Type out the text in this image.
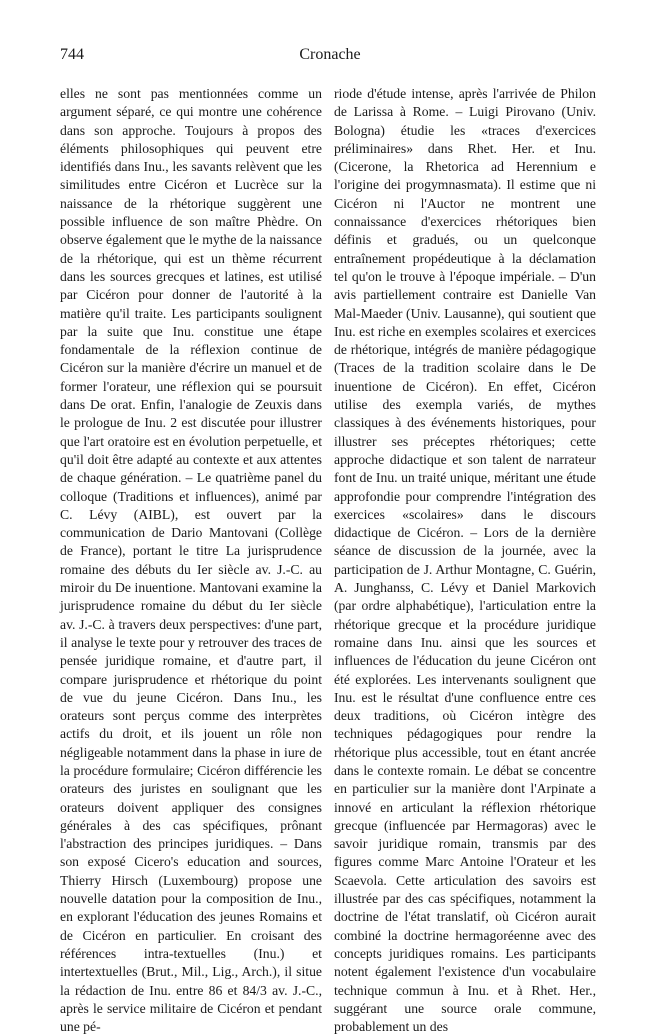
744	Cronache

elles ne sont pas mentionnées comme un argument séparé, ce qui montre une cohérence dans son approche. Toujours à propos des éléments philosophiques qui peuvent etre identifiés dans Inu., les savants relèvent que les similitudes entre Cicéron et Lucrèce sur la naissance de la rhétorique suggèrent une possible influence de son maître Phèdre. On observe également que le mythe de la naissance de la rhétorique, qui est un thème récurrent dans les sources grecques et latines, est utilisé par Cicéron pour donner de l'autorité à la matière qu'il traite. Les participants soulignent par la suite que Inu. constitue une étape fondamentale de la réflexion continue de Cicéron sur la manière d'écrire un manuel et de former l'orateur, une réflexion qui se poursuit dans De orat. Enfin, l'analogie de Zeuxis dans le prologue de Inu. 2 est discutée pour illustrer que l'art oratoire est en évolution perpetuelle, et qu'il doit être adapté au contexte et aux attentes de chaque génération. – Le quatrième panel du colloque (Traditions et influences), animé par C. Lévy (AIBL), est ouvert par la communication de Dario Mantovani (Collège de France), portant le titre La jurisprudence romaine des débuts du Ier siècle av. J.-C. au miroir du De inuentione. Mantovani examine la jurisprudence romaine du début du Ier siècle av. J.-C. à travers deux perspectives: d'une part, il analyse le texte pour y retrouver des traces de pensée juridique romaine, et d'autre part, il compare jurisprudence et rhétorique du point de vue du jeune Cicéron. Dans Inu., les orateurs sont perçus comme des interprètes actifs du droit, et ils jouent un rôle non négligeable notamment dans la phase in iure de la procédure formulaire; Cicéron différencie les orateurs des juristes en soulignant que les orateurs doivent appliquer des consignes générales à des cas spécifiques, prônant l'abstraction des principes juridiques. – Dans son exposé Cicero's education and sources, Thierry Hirsch (Luxembourg) propose une nouvelle datation pour la composition de Inu., en explorant l'éducation des jeunes Romains et de Cicéron en particulier. En croisant des références intra-textuelles (Inu.) et intertextuelles (Brut., Mil., Lig., Arch.), il situe la rédaction de Inu. entre 86 et 84/3 av. J.-C., après le service militaire de Cicéron et pendant une pé-

riode d'étude intense, après l'arrivée de Philon de Larissa à Rome. – Luigi Pirovano (Univ. Bologna) étudie les «traces d'exercices préliminaires» dans Rhet. Her. et Inu. (Cicerone, la Rhetorica ad Herennium e l'origine dei progymnasmata). Il estime que ni Cicéron ni l'Auctor ne montrent une connaissance d'exercices rhétoriques bien définis et gradués, ou un quelconque entraînement propédeutique à la déclamation tel qu'on le trouve à l'époque impériale. – D'un avis partiellement contraire est Danielle Van Mal-Maeder (Univ. Lausanne), qui soutient que Inu. est riche en exemples scolaires et exercices de rhétorique, intégrés de manière pédagogique (Traces de la tradition scolaire dans le De inuentione de Cicéron). En effet, Cicéron utilise des exempla variés, de mythes classiques à des événements historiques, pour illustrer ses préceptes rhétoriques; cette approche didactique et son talent de narrateur font de Inu. un traité unique, méritant une étude approfondie pour comprendre l'intégration des exercices «scolaires» dans le discours didactique de Cicéron. – Lors de la dernière séance de discussion de la journée, avec la participation de J. Arthur Montagne, C. Guérin, A. Junghanss, C. Lévy et Daniel Markovich (par ordre alphabétique), l'articulation entre la rhétorique grecque et la procédure juridique romaine dans Inu. ainsi que les sources et influences de l'éducation du jeune Cicéron ont été explorées. Les intervenants soulignent que Inu. est le résultat d'une confluence entre ces deux traditions, où Cicéron intègre des techniques pédagogiques pour rendre la rhétorique plus accessible, tout en étant ancrée dans le contexte romain. Le débat se concentre en particulier sur la manière dont l'Arpinate a innové en articulant la réflexion rhétorique grecque (influencée par Hermagoras) avec le savoir juridique romain, transmis par des figures comme Marc Antoine l'Orateur et les Scaevola. Cette articulation des savoirs est illustrée par des cas spécifiques, notamment la doctrine de l'état translatif, où Cicéron aurait combiné la doctrine hermagoréenne avec des concepts juridiques romains. Les participants notent également l'existence d'un vocabulaire technique commun à Inu. et à Rhet. Her., suggérant une source orale commune, probablement un des
